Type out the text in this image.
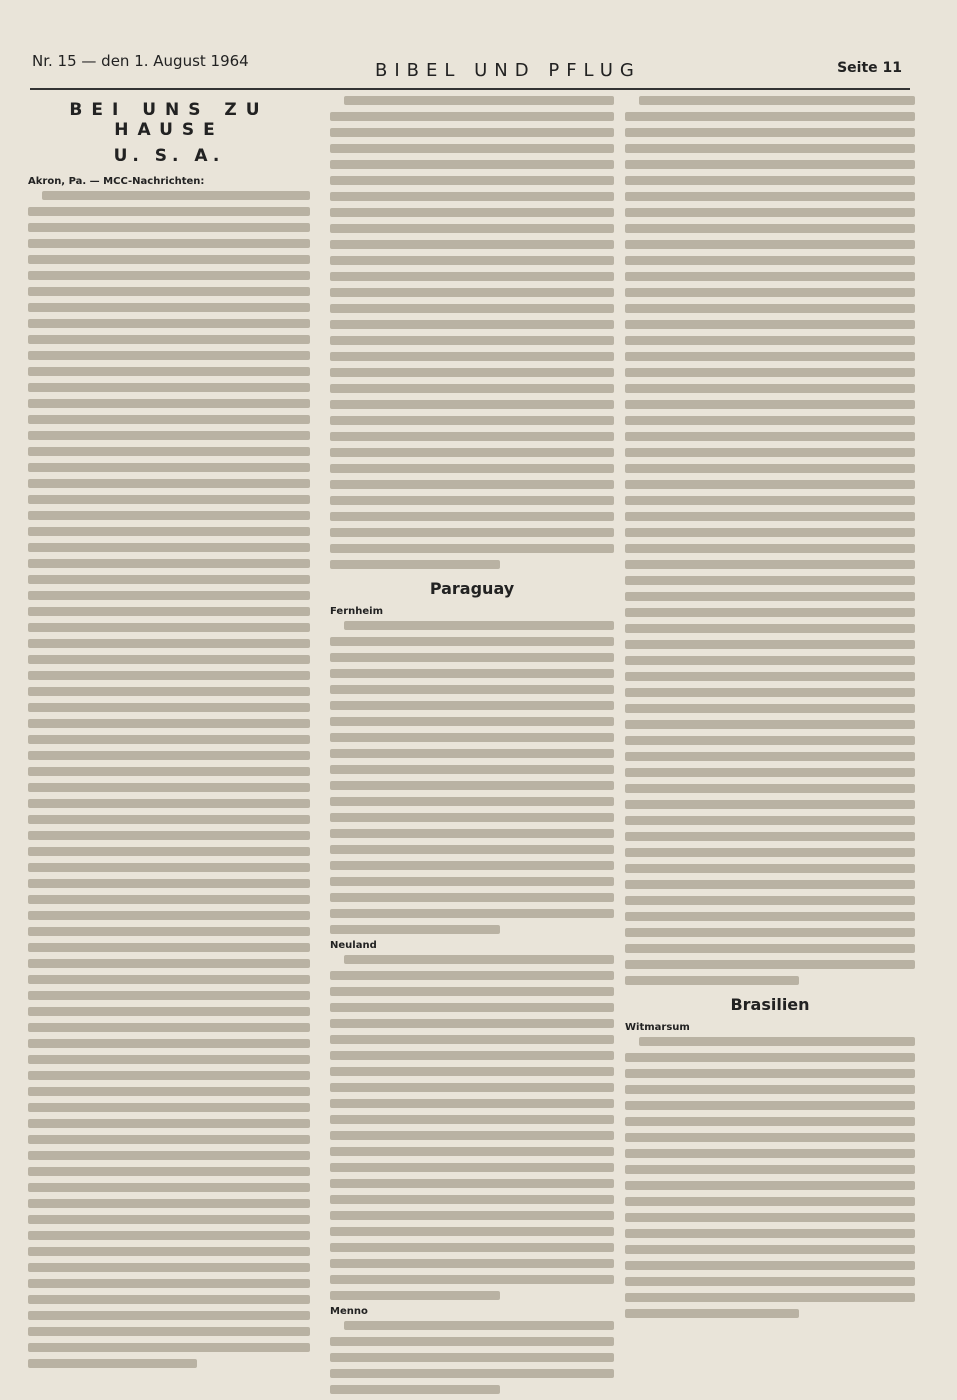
Nr. 15 — den 1. August 1964	BIBEL UND PFLUG	Seite 11
BEI UNS ZU HAUSE
U. S. A.
Akron, Pa. — MCC-Nachrichten:
Paraguay
Fernheim
Neuland
Menno
Brasilien
Witmarsum
